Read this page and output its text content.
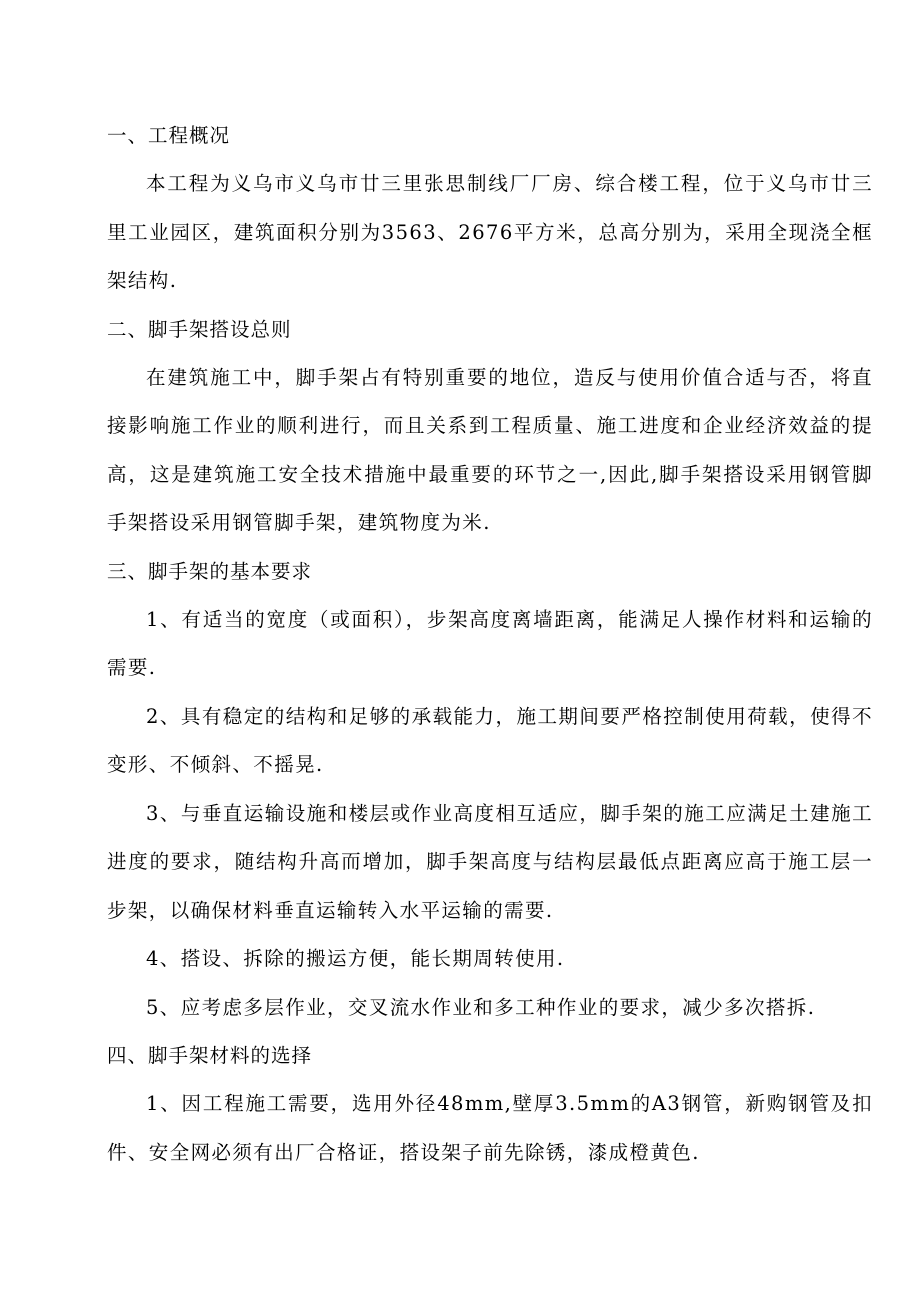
一、工程概况

本工程为义乌市义乌市廿三里张思制线厂厂房、综合楼工程，位于义乌市廿三里工业园区，建筑面积分别为3563、2676平方米，总高分别为，采用全现浇全框架结构.

二、脚手架搭设总则

在建筑施工中，脚手架占有特别重要的地位，造反与使用价值合适与否，将直接影响施工作业的顺利进行，而且关系到工程质量、施工进度和企业经济效益的提高，这是建筑施工安全技术措施中最重要的环节之一,因此,脚手架搭设采用钢管脚手架搭设采用钢管脚手架，建筑物度为米.

三、脚手架的基本要求

1、有适当的宽度（或面积），步架高度离墙距离，能满足人操作材料和运输的需要.

2、具有稳定的结构和足够的承载能力，施工期间要严格控制使用荷载，使得不变形、不倾斜、不摇晃.

3、与垂直运输设施和楼层或作业高度相互适应，脚手架的施工应满足土建施工进度的要求，随结构升高而增加，脚手架高度与结构层最低点距离应高于施工层一步架，以确保材料垂直运输转入水平运输的需要.

4、搭设、拆除的搬运方便，能长期周转使用.

5、应考虑多层作业，交叉流水作业和多工种作业的要求，减少多次搭拆.

四、脚手架材料的选择

1、因工程施工需要，选用外径48mm,壁厚3.5mm的A3钢管，新购钢管及扣件、安全网必须有出厂合格证，搭设架子前先除锈，漆成橙黄色.
